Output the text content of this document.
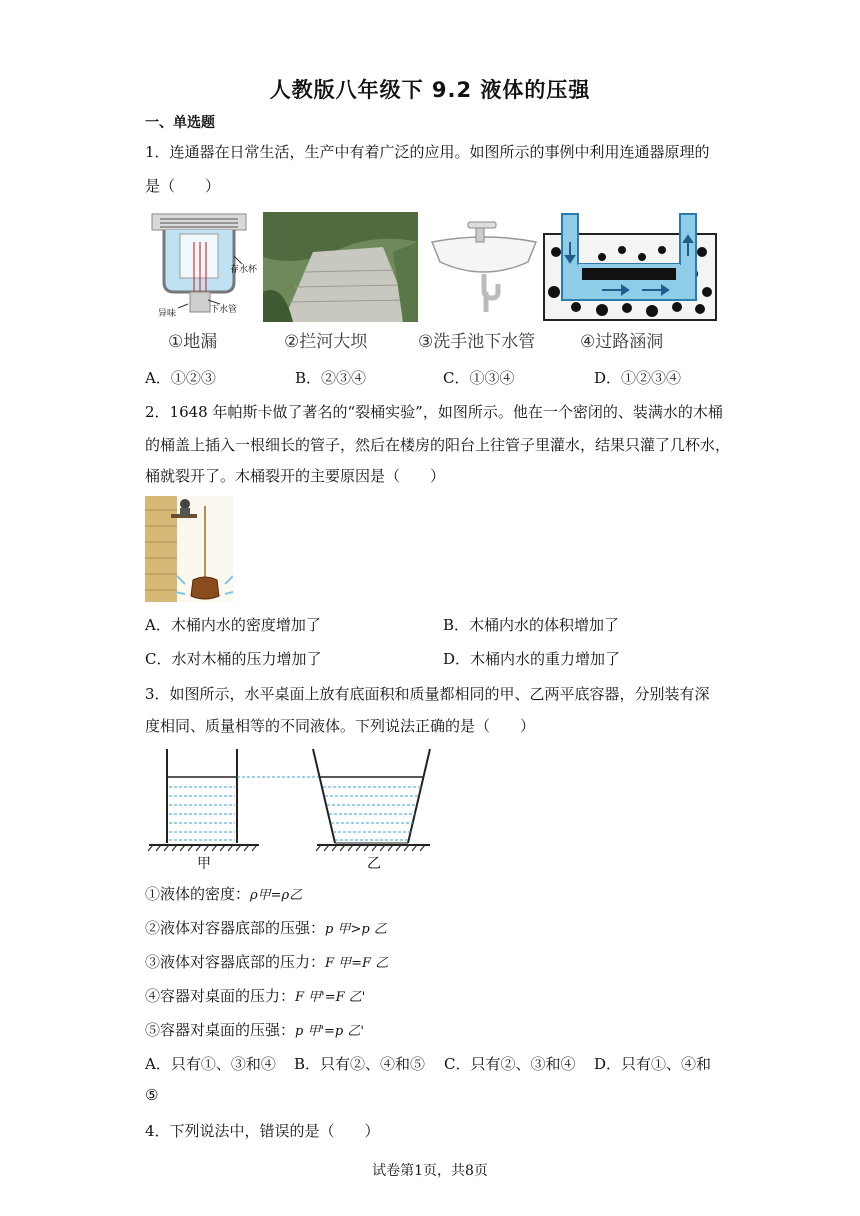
人教版八年级下 9.2 液体的压强
一、单选题
1．连通器在日常生活，生产中有着广泛的应用。如图所示的事例中利用连通器原理的
是（　　）
存水杯
异味	下水管
①地漏	②拦河大坝	③洗手池下水管	④过路涵洞
A．①②③	B．②③④	C．①③④	D．①②③④
2．1648 年帕斯卡做了著名的“裂桶实验”，如图所示。他在一个密闭的、装满水的木桶
的桶盖上插入一根细长的管子，然后在楼房的阳台上往管子里灌水，结果只灌了几杯水，
桶就裂开了。木桶裂开的主要原因是（　　）
A．木桶内水的密度增加了	B．木桶内水的体积增加了
C．水对木桶的压力增加了	D．木桶内水的重力增加了
3．如图所示，水平桌面上放有底面积和质量都相同的甲、乙两平底容器，分别装有深
度相同、质量相等的不同液体。下列说法正确的是（　　）
甲	乙
①液体的密度：ρ甲=ρ乙
②液体对容器底部的压强：p 甲>p 乙
③液体对容器底部的压力：F 甲=F 乙
④容器对桌面的压力：F 甲'=F 乙'
⑤容器对桌面的压强：p 甲'=p 乙'
A．只有①、③和④ B．只有②、④和⑤ C．只有②、③和④ D．只有①、④和
⑤
4．下列说法中，错误的是（　　）
试卷第1页，共8页
